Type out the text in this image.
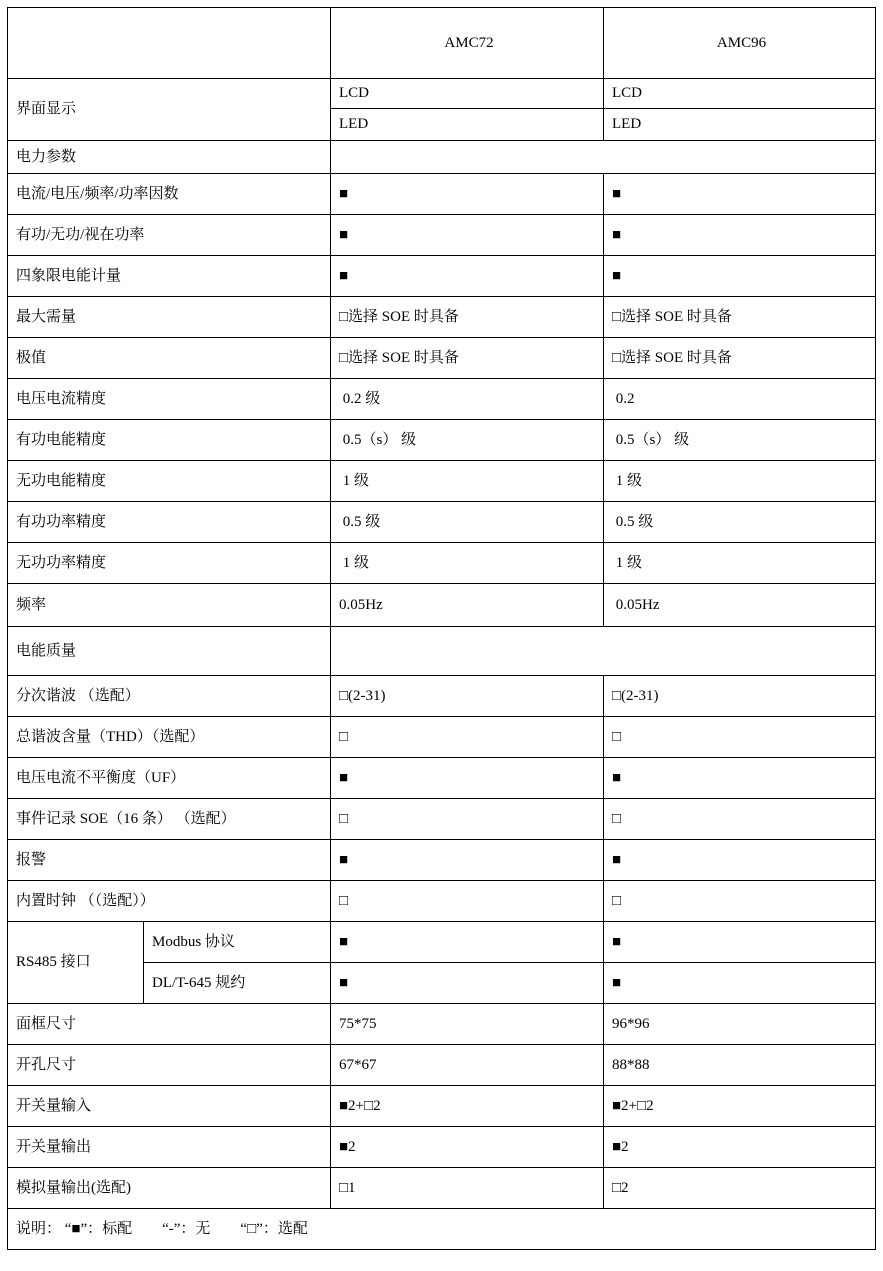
		AMC72	AMC96
界面显示		LCD	LCD
		LED	LED
电力参数			
电流/电压/频率/功率因数		■	■
有功/无功/视在功率		■	■
四象限电能计量		■	■
最大需量		□选择 SOE 时具备	□选择 SOE 时具备
极值		□选择 SOE 时具备	□选择 SOE 时具备
电压电流精度		0.2 级	0.2
有功电能精度		0.5（s） 级	0.5（s） 级
无功电能精度		1 级	1 级
有功功率精度		0.5 级	0.5 级
无功功率精度		1 级	1 级
频率		0.05Hz	0.05Hz
电能质量			
分次谐波 （选配）		□(2-31)	□(2-31)
总谐波含量（THD）（选配）		□	□
电压电流不平衡度（UF）		■	■
事件记录 SOE（16 条） （选配）		□	□
报警		■	■
内置时钟 （（选配））		□	□
RS485 接口	Modbus 协议	■	■
	DL/T-645 规约	■	■
面框尺寸		75*75	96*96
开孔尺寸		67*67	88*88
开关量输入		■2+□2	■2+□2
开关量输出		■2	■2
模拟量输出(选配)		□1	□2
说明： “■”：标配　　“-”：无　　“□”：选配			
